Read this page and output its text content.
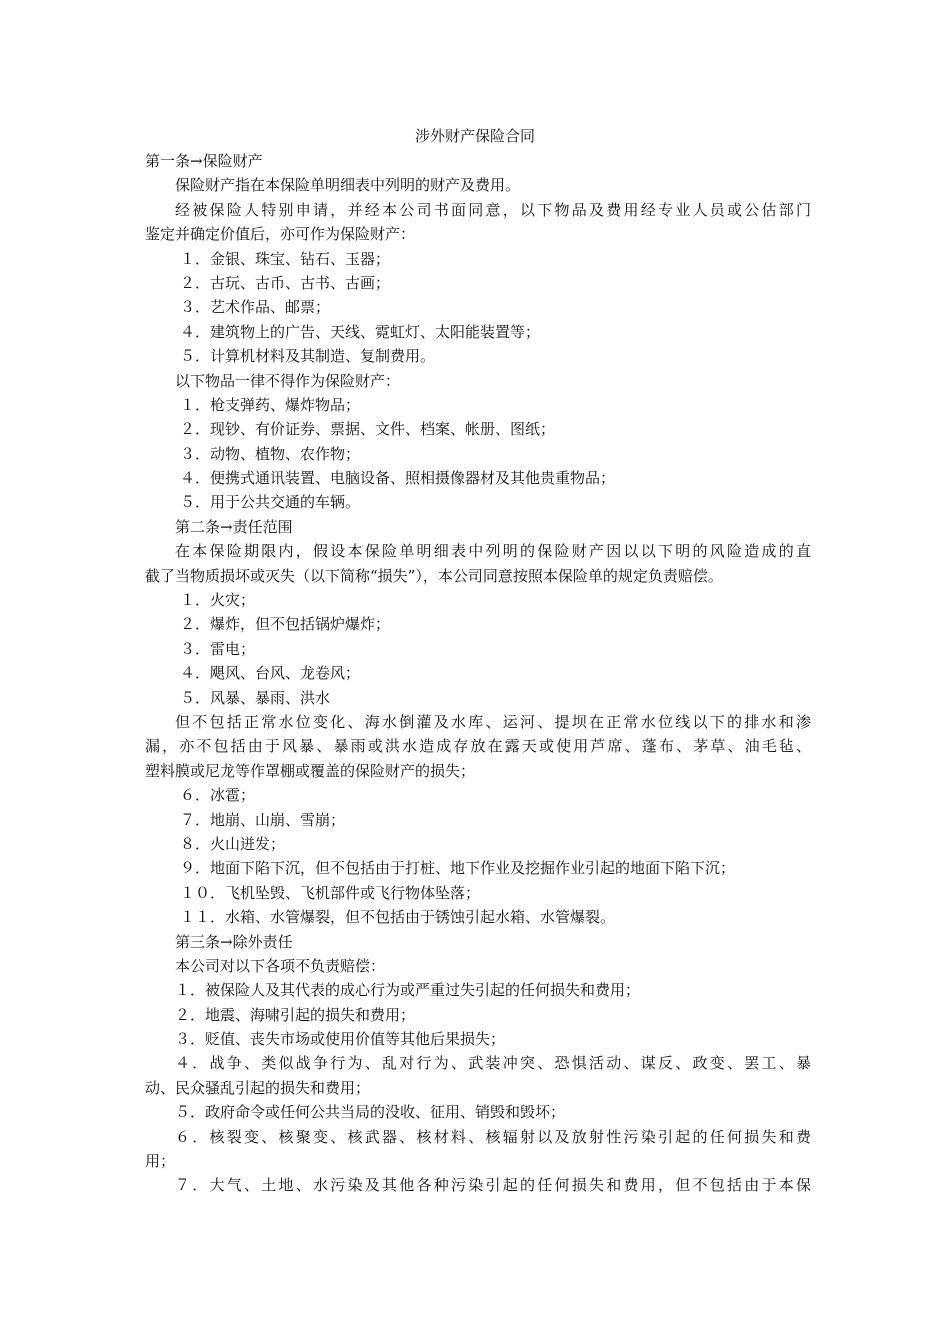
涉外财产保险合同
第一条→保险财产
保险财产指在本保险单明细表中列明的财产及费用。
经被保险人特别申请，并经本公司书面同意，以下物品及费用经专业人员或公估部门
鉴定并确定价值后，亦可作为保险财产：
１．金银、珠宝、钻石、玉器；
２．古玩、古币、古书、古画；
３．艺术作品、邮票；
４．建筑物上的广告、天线、霓虹灯、太阳能装置等；
５．计算机材料及其制造、复制费用。
以下物品一律不得作为保险财产：
１．枪支弹药、爆炸物品；
２．现钞、有价证券、票据、文件、档案、帐册、图纸；
３．动物、植物、农作物；
４．便携式通讯装置、电脑设备、照相摄像器材及其他贵重物品；
５．用于公共交通的车辆。
第二条→责任范围
在本保险期限内，假设本保险单明细表中列明的保险财产因以以下明的风险造成的直
截了当物质损坏或灭失（以下简称“损失”），本公司同意按照本保险单的规定负责赔偿。
１．火灾；
２．爆炸，但不包括锅炉爆炸；
３．雷电；
４．飓风、台风、龙卷风；
５．风暴、暴雨、洪水
但不包括正常水位变化、海水倒灌及水库、运河、提坝在正常水位线以下的排水和渗
漏，亦不包括由于风暴、暴雨或洪水造成存放在露天或使用芦席、蓬布、茅草、油毛毡、
塑料膜或尼龙等作罩棚或覆盖的保险财产的损失；
６．冰雹；
７．地崩、山崩、雪崩；
８．火山迸发；
９．地面下陷下沉，但不包括由于打桩、地下作业及挖掘作业引起的地面下陷下沉；
１０．飞机坠毁、飞机部件或飞行物体坠落；
１１．水箱、水管爆裂，但不包括由于锈蚀引起水箱、水管爆裂。
第三条→除外责任
本公司对以下各项不负责赔偿：
１．被保险人及其代表的成心行为或严重过失引起的任何损失和费用；
２．地震、海啸引起的损失和费用；
３．贬值、丧失市场或使用价值等其他后果损失；
４．战争、类似战争行为、乱对行为、武装冲突、恐惧活动、谋反、政变、罢工、暴
动、民众骚乱引起的损失和费用；
５．政府命令或任何公共当局的没收、征用、销毁和毁坏；
６．核裂变、核聚变、核武器、核材料、核辐射以及放射性污染引起的任何损失和费
用；
７．大气、土地、水污染及其他各种污染引起的任何损失和费用，但不包括由于本保
